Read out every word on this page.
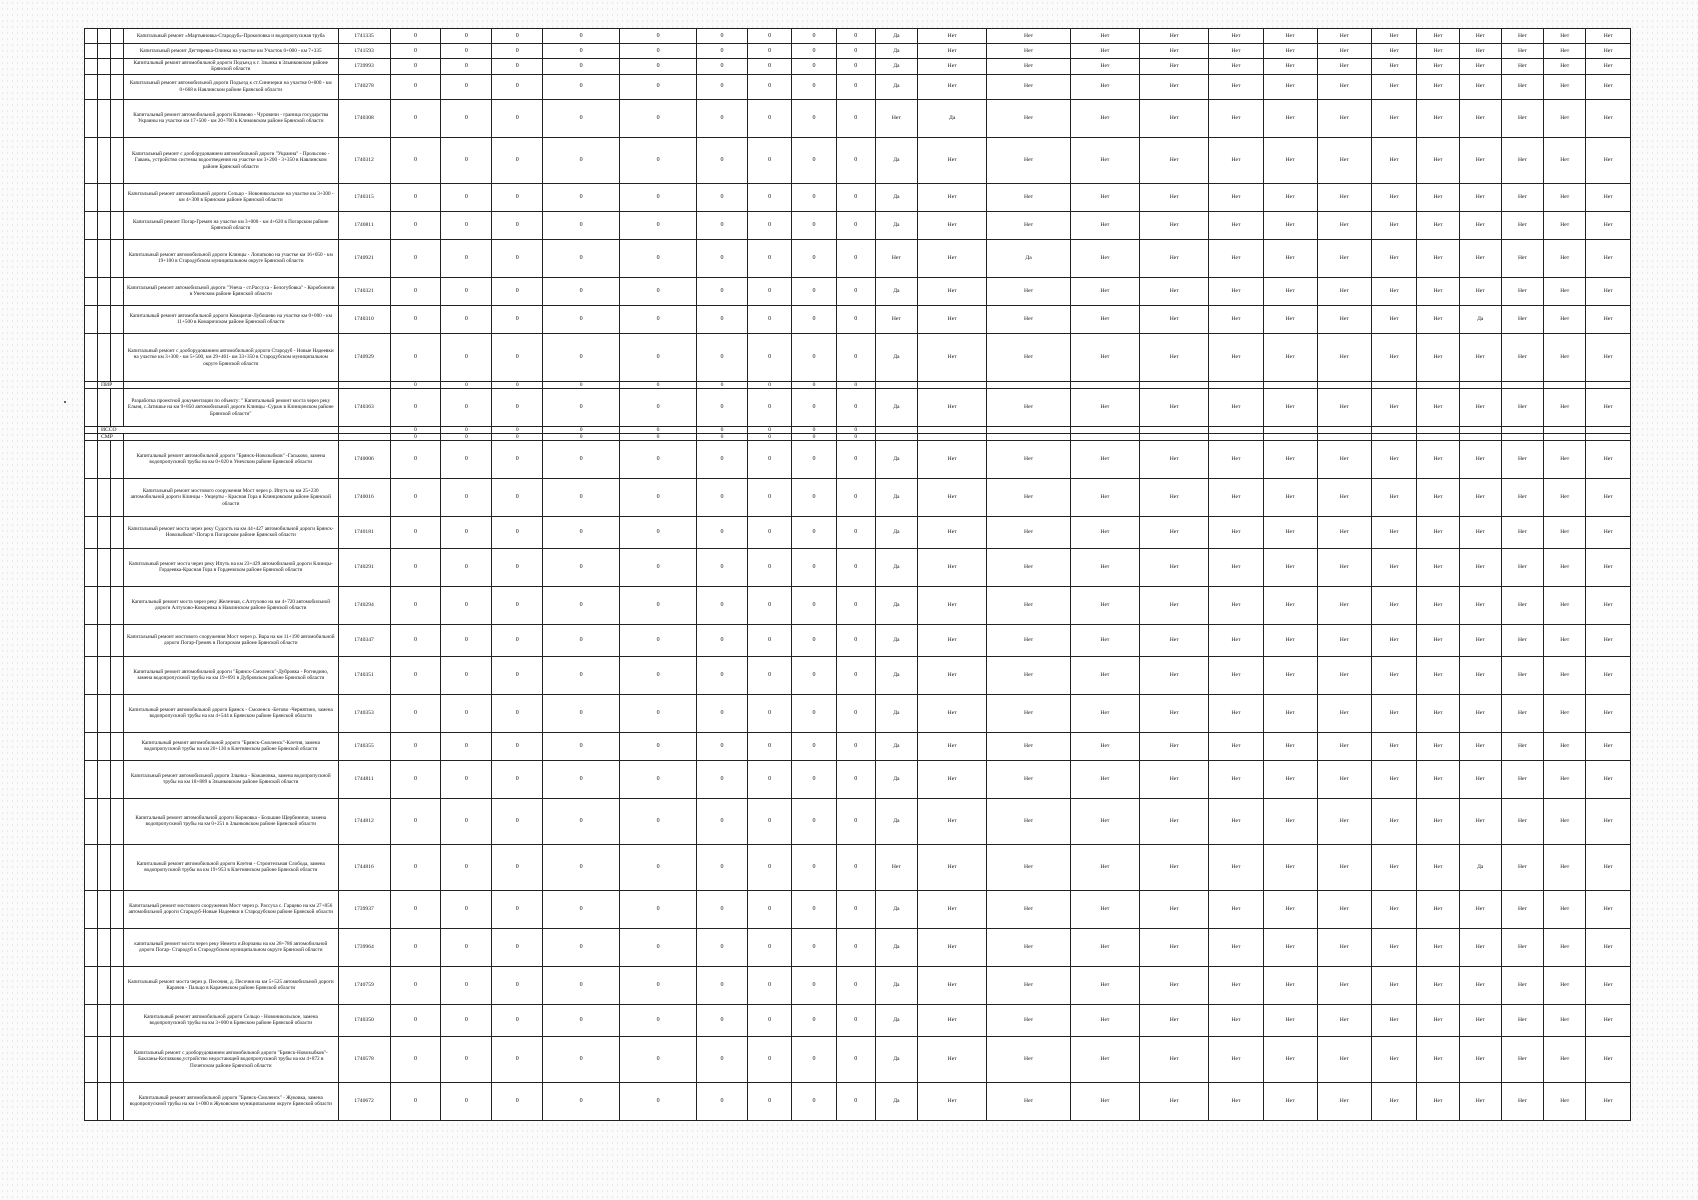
			Капитальный ремонт «Мартьяновка-Стародуб»-Прокоповка и водопропускная труба	1741335	0	0	0	0	0	0	0	0	0	Да	Нет	Нет	Нет	Нет	Нет	Нет	Нет	Нет	Нет	Нет	Нет	Нет	Нет
			Капитальный ремонт Дегтяревка-Олинка на участке км Участок 0+000 - км 7+335	1741593	0	0	0	0	0	0	0	0	0	Да	Нет	Нет	Нет	Нет	Нет	Нет	Нет	Нет	Нет	Нет	Нет	Нет	Нет
			Капитальный ремонт автомобильной дороги Подъезд к г. Злынка в Злынковском районе Брянской области	1739993	0	0	0	0	0	0	0	0	0	Да	Нет	Нет	Нет	Нет	Нет	Нет	Нет	Нет	Нет	Нет	Нет	Нет	Нет
			Капитальный ремонт автомобильной дороги Подъезд к ст.Синезерки на участке 0+000 - км 0+668 в Навлинском районе Брянской области	1740278	0	0	0	0	0	0	0	0	0	Да	Нет	Нет	Нет	Нет	Нет	Нет	Нет	Нет	Нет	Нет	Нет	Нет	Нет
			Капитальный ремонт автомобильной дороги Климово - Чуровичи - граница государства Украины на участке км 17+500 - км 20+700 в Климовском районе Брянской области	1740308	0	0	0	0	0	0	0	0	0	Нет	Да	Нет	Нет	Нет	Нет	Нет	Нет	Нет	Нет	Нет	Нет	Нет	Нет
			Капитальный ремонт с дооборудованием автомобильной дороги "Украина" - Прольсово - Гавань, устройство системы водоотведения на участке км 3+200 - 3+350 в Навлинском районе Брянской области	1740312	0	0	0	0	0	0	0	0	0	Да	Нет	Нет	Нет	Нет	Нет	Нет	Нет	Нет	Нет	Нет	Нет	Нет	Нет
			Капитальный ремонт автомобильной дороги Сельцо - Новоникольское на участке км 3+300 - км 4+300 в Брянском районе Брянской области	1740315	0	0	0	0	0	0	0	0	0	Да	Нет	Нет	Нет	Нет	Нет	Нет	Нет	Нет	Нет	Нет	Нет	Нет	Нет
			Капитальный ремонт Погар-Гремяч на участке км 3+000 - км 4+620 в Погарском районе Брянской области	1740811	0	0	0	0	0	0	0	0	0	Да	Нет	Нет	Нет	Нет	Нет	Нет	Нет	Нет	Нет	Нет	Нет	Нет	Нет
			Капитальный ремонт автомобильной дороги Клинцы - Лопатково на участке км 16+050 - км 19+100 в Стародубском муниципальном округе Брянской области	1740921	0	0	0	0	0	0	0	0	0	Нет	Нет	Да	Нет	Нет	Нет	Нет	Нет	Нет	Нет	Нет	Нет	Нет	Нет
			Капитальный ремонт автомобильной дороги "Унеча - ст.Рассуха - Белогубовка" - Коробоничи в Унечском районе Брянской области	1740321	0	0	0	0	0	0	0	0	0	Да	Нет	Нет	Нет	Нет	Нет	Нет	Нет	Нет	Нет	Нет	Нет	Нет	Нет
			Капитальный ремонт автомобильной дороги Комаричи-Лубошево на участке км 0+000 - км 11+500 в Комаричском районе Брянской области	1740310	0	0	0	0	0	0	0	0	0	Нет	Нет	Нет	Нет	Нет	Нет	Нет	Нет	Нет	Нет	Да	Нет	Нет	Нет
			Капитальный ремонт с дооборудованием автомобильной дороги Стародуб - Новые Надеевки на участке км 3+300 - км 5+500, км 29+461- км 33+350 в Стародубском муниципальном округе Брянской области	1740929	0	0	0	0	0	0	0	0	0	Да	Нет	Нет	Нет	Нет	Нет	Нет	Нет	Нет	Нет	Нет	Нет	Нет	Нет
	ПИР				0	0	0	0	0	0	0	0	0														
			Разработка проектной документации по объекту: " Капитальный ремонт моста через реку Ельня, с.Затишье на км 9+850 автомобильной дороги Клинцы -Сураж в Клинцовском районе Брянской области"	1740363	0	0	0	0	0	0	0	0	0	Да	Нет	Нет	Нет	Нет	Нет	Нет	Нет	Нет	Нет	Нет	Нет	Нет	Нет
	ИССО				0	0	0	0	0	0	0	0	0														
	СМР				0	0	0	0	0	0	0	0	0														
			Капитальный ремонт автомобильной дороги "Брянск-Новозыбков" -Гаськово, замена водопропускной трубы на км 0+020 в Унечском районе Брянской области	1740006	0	0	0	0	0	0	0	0	0	Да	Нет	Нет	Нет	Нет	Нет	Нет	Нет	Нет	Нет	Нет	Нет	Нет	Нет
			Капитальный ремонт мостового сооружения Мост через р. Ипуть на км 25+230 автомобильной дороги Клинцы - Унцерты - Красная Гора в Клинцовском районе Брянской области	1740016	0	0	0	0	0	0	0	0	0	Да	Нет	Нет	Нет	Нет	Нет	Нет	Нет	Нет	Нет	Нет	Нет	Нет	Нет
			Капитальный ремонт моста через реку Судость на км 44+427 автомобильной дороги Брянск-Новозыбков"-Погар в Погарском районе Брянской области	1740181	0	0	0	0	0	0	0	0	0	Да	Нет	Нет	Нет	Нет	Нет	Нет	Нет	Нет	Нет	Нет	Нет	Нет	Нет
			Капитальный ремонт моста через реку Ипуть на км 23+429 автомобильной дороги Клинцы-Гордеевка-Красная Гора в Гордеевском районе Брянской области	1740291	0	0	0	0	0	0	0	0	0	Да	Нет	Нет	Нет	Нет	Нет	Нет	Нет	Нет	Нет	Нет	Нет	Нет	Нет
			Капитальный ремонт моста через реку Железная, с.Алтухово на км 4+720 автомобильной дороги Алтухово-Кокоревка в Навлинском районе Брянской области	1740294	0	0	0	0	0	0	0	0	0	Да	Нет	Нет	Нет	Нет	Нет	Нет	Нет	Нет	Нет	Нет	Нет	Нет	Нет
			Капитальный ремонт мостового сооружения Мост через р. Вара на км 11+190 автомобильной дороги Погар-Гремяч в Погарском районе Брянской области	1740347	0	0	0	0	0	0	0	0	0	Да	Нет	Нет	Нет	Нет	Нет	Нет	Нет	Нет	Нет	Нет	Нет	Нет	Нет
			Капитальный ремонт автомобильной дороги "Брянск-Смоленск"-Дубровка - Рогнедино, замена водопропускной трубы на км 19+691 в Дубровском районе Брянской области	1740351	0	0	0	0	0	0	0	0	0	Да	Нет	Нет	Нет	Нет	Нет	Нет	Нет	Нет	Нет	Нет	Нет	Нет	Нет
			Капитальный ремонт автомобильной дороги Брянск - Смоленск -Бетово -Чернятино, замена водопропускной трубы на км 4+544 в Брянском районе Брянской области	1740353	0	0	0	0	0	0	0	0	0	Да	Нет	Нет	Нет	Нет	Нет	Нет	Нет	Нет	Нет	Нет	Нет	Нет	Нет
			Капитальный ремонт автомобильной дороги "Брянск-Смоленск"-Клетня, замена водопропускной трубы на км 20+130 в Клетнянском районе Брянской области	1740355	0	0	0	0	0	0	0	0	0	Да	Нет	Нет	Нет	Нет	Нет	Нет	Нет	Нет	Нет	Нет	Нет	Нет	Нет
			Капитальный ремонт автомобильной дороги Злынка - Кожановка, замена водопропускной трубы на км 18+889 в Злынковском районе Брянской области	1744811	0	0	0	0	0	0	0	0	0	Да	Нет	Нет	Нет	Нет	Нет	Нет	Нет	Нет	Нет	Нет	Нет	Нет	Нет
			Капитальный ремонт автомобильной дороги Коржовка - Большие Щербиничи, замена водопропускной трубы на км 0+251 в Злынковском районе Брянской области	1744812	0	0	0	0	0	0	0	0	0	Да	Нет	Нет	Нет	Нет	Нет	Нет	Нет	Нет	Нет	Нет	Нет	Нет	Нет
			Капитальный ремонт автомобильной дороги Клетня - Строительная Слобода, замена водопропускной трубы на км 19+953 в Клетнянском районе Брянской области	1744816	0	0	0	0	0	0	0	0	0	Нет	Нет	Нет	Нет	Нет	Нет	Нет	Нет	Нет	Нет	Да	Нет	Нет	Нет
			Капитальный ремонт мостового сооружения Мост через р. Рассуха с. Гарцево на км 27+856 автомобильной дороги Стародуб-Новые Надеевки в Стародубском районе Брянской области	1739937	0	0	0	0	0	0	0	0	0	Да	Нет	Нет	Нет	Нет	Нет	Нет	Нет	Нет	Нет	Нет	Нет	Нет	Нет
			капитальный ремонт моста через реку Немета и.Ворчаны на км 28+786 автомобильной дороги Погар- Стародуб в Стародубском муниципальном округе Брянской области	1739964	0	0	0	0	0	0	0	0	0	Да	Нет	Нет	Нет	Нет	Нет	Нет	Нет	Нет	Нет	Нет	Нет	Нет	Нет
			Капитальный ремонт моста через р. Песочня, д. Песочня на км 5+525 автомобильной дороги Карачев - Пальцо в Карачевском районе Брянской области	1740759	0	0	0	0	0	0	0	0	0	Да	Нет	Нет	Нет	Нет	Нет	Нет	Нет	Нет	Нет	Нет	Нет	Нет	Нет
			Капитальный ремонт автомобильной дороги Сельцо - Новоникольское, замена водопропускной трубы на км 3+000 в Брянском районе Брянской области	1740350	0	0	0	0	0	0	0	0	0	Да	Нет	Нет	Нет	Нет	Нет	Нет	Нет	Нет	Нет	Нет	Нет	Нет	Нет
			Капитальный ремонт с дооборудованием автомобильной дороги "Брянск-Новозыбков"-Бакланы-Котляково,устройство недостающей водопропускной трубы на км 4+872 в Почепском районе Брянской области	1740578	0	0	0	0	0	0	0	0	0	Да	Нет	Нет	Нет	Нет	Нет	Нет	Нет	Нет	Нет	Нет	Нет	Нет	Нет
			Капитальный ремонт автомобильной дороги "Брянск-Смоленск" - Жуковка, замена водопропускной трубы на км 1+000 в Жуковском муниципальном округе Брянской области	1740672	0	0	0	0	0	0	0	0	0	Да	Нет	Нет	Нет	Нет	Нет	Нет	Нет	Нет	Нет	Нет	Нет	Нет	Нет
